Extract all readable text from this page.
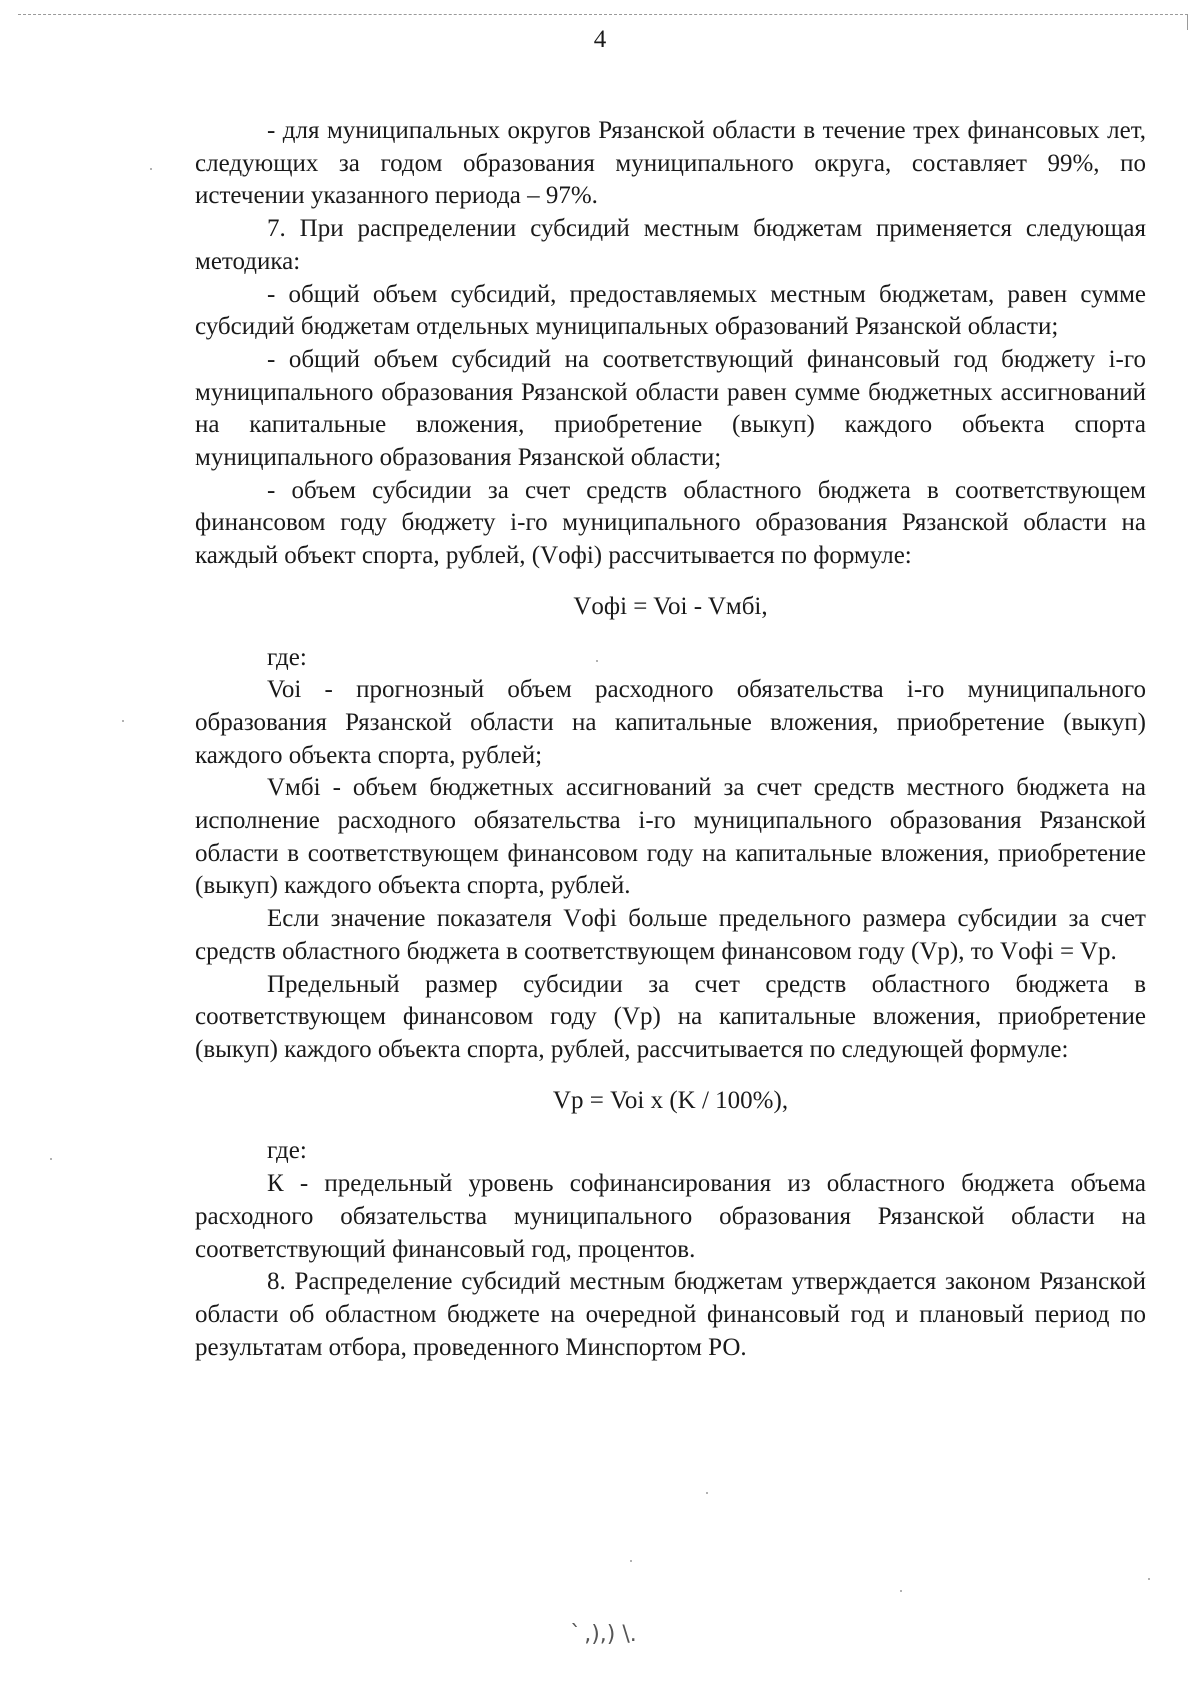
4

- для муниципальных округов Рязанской области в течение трех финансовых лет, следующих за годом образования муниципального округа, составляет 99%, по истечении указанного периода – 97%.

7. При распределении субсидий местным бюджетам применяется следующая методика:

- общий объем субсидий, предоставляемых местным бюджетам, равен сумме субсидий бюджетам отдельных муниципальных образований Рязанской области;

- общий объем субсидий на соответствующий финансовый год бюджету i-го муниципального образования Рязанской области равен сумме бюджетных ассигнований на капитальные вложения, приобретение (выкуп) каждого объекта спорта муниципального образования Рязанской области;

- объем субсидии за счет средств областного бюджета в соответствующем финансовом году бюджету i-го муниципального образования Рязанской области на каждый объект спорта, рублей, (Vофi) рассчитывается по формуле:

Vофi = Voi - Vмбi,

где:

Voi - прогнозный объем расходного обязательства i-го муниципального образования Рязанской области на капитальные вложения, приобретение (выкуп) каждого объекта спорта, рублей;

Vмбi - объем бюджетных ассигнований за счет средств местного бюджета на исполнение расходного обязательства i-го муниципального образования Рязанской области в соответствующем финансовом году на капитальные вложения, приобретение (выкуп) каждого объекта спорта, рублей.

Если значение показателя Vофi больше предельного размера субсидии за счет средств областного бюджета в соответствующем финансовом году (Vр), то Vофi = Vр.

Предельный размер субсидии за счет средств областного бюджета в соответствующем финансовом году (Vр) на капитальные вложения, приобретение (выкуп) каждого объекта спорта, рублей, рассчитывается по следующей формуле:

Vр = Voi x (K / 100%),

где:

К - предельный уровень софинансирования из областного бюджета объема расходного обязательства муниципального образования Рязанской области на соответствующий финансовый год, процентов.

8. Распределение субсидий местным бюджетам утверждается законом Рязанской области об областном бюджете на очередной финансовый год и плановый период по результатам отбора, проведенного Минспортом РО.

՝ ,),) \.
